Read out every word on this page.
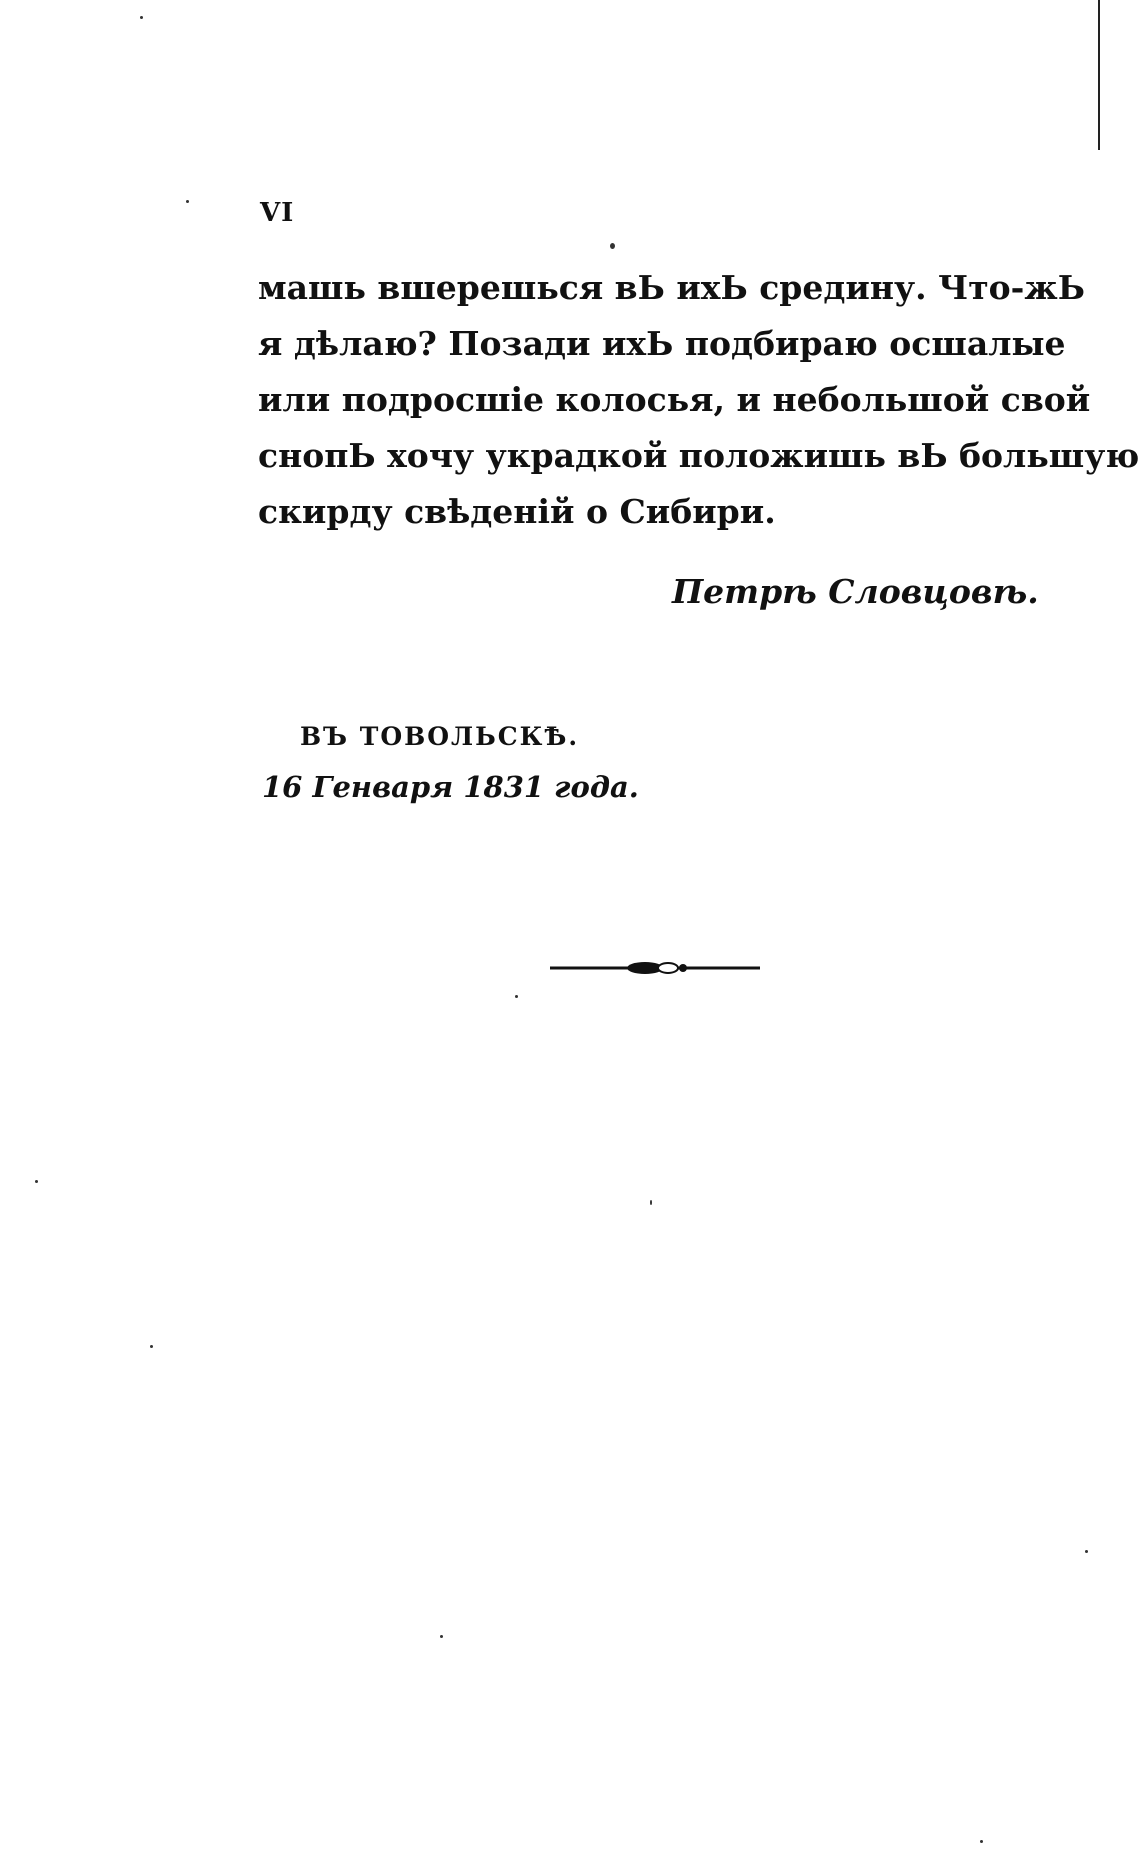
VI
машь вшерешься вЬ ихЬ средину. Что-жЬ
я дѣлаю? Позади ихЬ подбираю осшалые
или подросшіе колосья, и небольшой свой
снопЬ хочу украдкой положишь вЬ большую
скирду свѣденій о Сибири.
Петрѣ Словцовѣ.
ВЪ ТОВОЛЬСКѢ.
16 Генваря 1831 года.
